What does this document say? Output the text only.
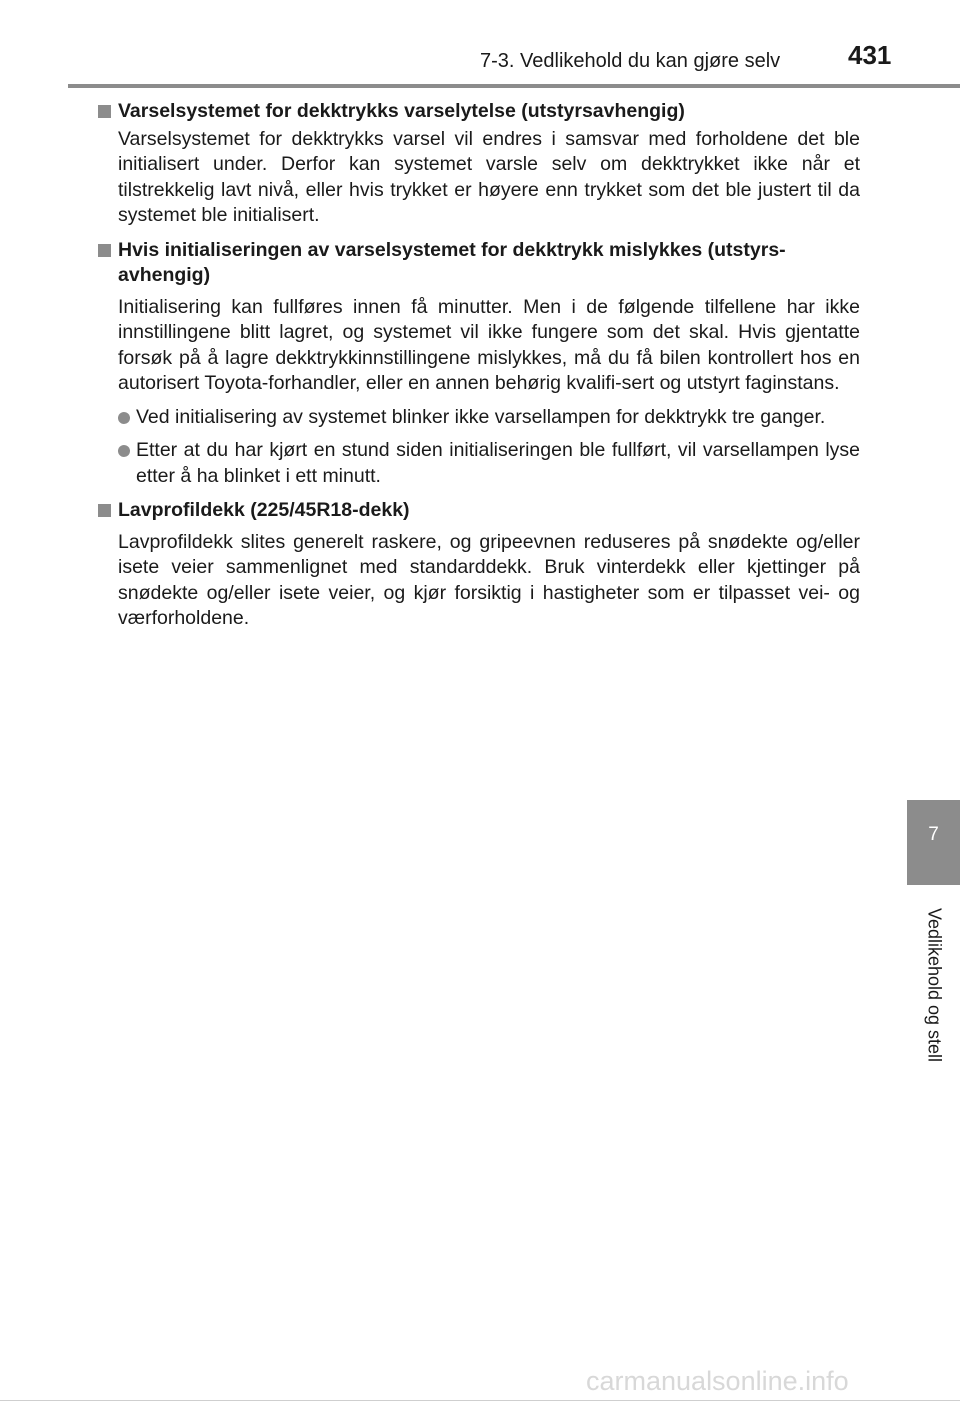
7-3. Vedlikehold du kan gjøre selv	431
Varselsystemet for dekktrykks varselytelse (utstyrsavhengig)
Varselsystemet for dekktrykks varsel vil endres i samsvar med forholdene det ble initialisert under. Derfor kan systemet varsle selv om dekktrykket ikke når et tilstrekkelig lavt nivå, eller hvis trykket er høyere enn trykket som det ble justert til da systemet ble initialisert.
Hvis initialiseringen av varselsystemet for dekktrykk mislykkes (utstyrs-avhengig)
Initialisering kan fullføres innen få minutter. Men i de følgende tilfellene har ikke innstillingene blitt lagret, og systemet vil ikke fungere som det skal. Hvis gjentatte forsøk på å lagre dekktrykkinnstillingene mislykkes, må du få bilen kontrollert hos en autorisert Toyota-forhandler, eller en annen behørig kvalifi-sert og utstyrt faginstans.
Ved initialisering av systemet blinker ikke varsellampen for dekktrykk tre ganger.
Etter at du har kjørt en stund siden initialiseringen ble fullført, vil varsellampen lyse etter å ha blinket i ett minutt.
Lavprofildekk (225/45R18-dekk)
Lavprofildekk slites generelt raskere, og gripeevnen reduseres på snødekte og/eller isete veier sammenlignet med standarddekk. Bruk vinterdekk eller kjettinger på snødekte og/eller isete veier, og kjør forsiktig i hastigheter som er tilpasset vei- og værforholdene.
7
Vedlikehold og stell
carmanualsonline.info
